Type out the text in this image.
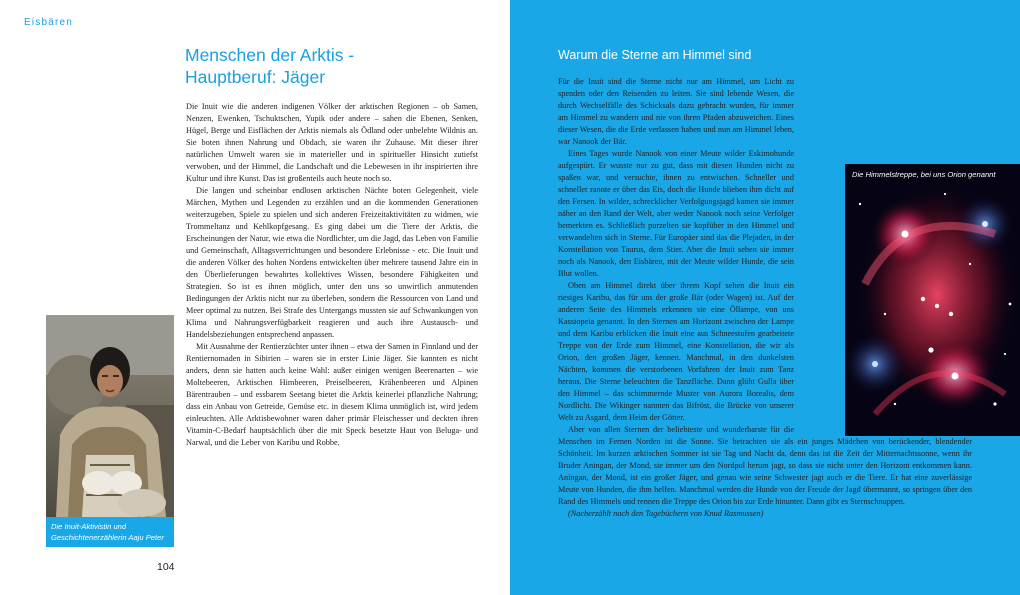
Eisbären
Menschen der Arktis -
Hauptberuf: Jäger

Die Inuit wie die anderen indigenen Völker der arktischen Regionen – ob Samen, Nenzen, Ewenken, Tschuktschen, Yupik oder andere – sahen die Ebenen, Senken, Hügel, Berge und Eisflächen der Arktis niemals als Ödland oder unbelebte Wildnis an. Sie boten ihnen Nahrung und Obdach, sie waren ihr Zuhause. Mit dieser ihrer natürlichen Umwelt waren sie in materieller und in spiritueller Hinsicht zutiefst verwoben, und der Himmel, die Landschaft und die Lebewesen in ihr inspirierten ihre Kultur und ihre Kunst. Das ist großenteils auch heute noch so.

Die langen und scheinbar endlosen arktischen Nächte boten Gelegenheit, viele Märchen, Mythen und Legenden zu erzählen und an die kommenden Generationen weiterzugeben, Spiele zu spielen und sich anderen Freizeitaktivitäten zu widmen, wie Trommeltanz und Kehlkopfgesang. Es ging dabei um die Tiere der Arktis, die Erscheinungen der Natur, wie etwa die Nordlichter, um die Jagd, das Leben von Familie und Gemeinschaft, Alltagsverrichtungen und besondere Erlebnisse - etc. Die Inuit und die anderen Völker des hohen Nordens entwickelten über mehrere tausend Jahre ein in den Überlieferungen bewahrtes kollektives Wissen, besondere Fähigkeiten und Strategien. So ist es ihnen möglich, unter den uns so unwirtlich anmutenden Bedingungen der Arktis nicht nur zu überleben, sondern die Ressourcen von Land und Meer optimal zu nutzen. Bei Strafe des Untergangs mussten sie auf Schwankungen von Klima und Nahrungsverfügbarkeit reagieren und auch ihre Austausch- und Handelsbeziehungen entsprechend anpassen.

Mit Ausnahme der Rentierzüchter unter ihnen – etwa der Samen in Finnland und der Rentiernomaden in Sibirien – waren sie in erster Linie Jäger. Sie kannten es nicht anders, denn sie hatten auch keine Wahl: außer einigen wenigen Beerenarten – wie Moltebeeren, Arktischen Himbeeren, Preiselbeeren, Krähenbeeren und Alpinen Bärentrauben – und essbarem Seetang bietet die Arktis keinerlei pflanzliche Nahrung; dass ein Anbau von Getreide, Gemüse etc. in diesem Klima unmöglich ist, wird jedem einleuchten. Alle Arktisbewohner waren daher primär Fleischesser und deckten ihren Vitamin-C-Bedarf hauptsächlich über die mit Speck besetzte Haut von Beluga- und Narwal, und die Leber von Karibu und Robbe.

Die Inuit-Aktivistin und Geschichtenerzählerin Aaju Peter
104
Warum die Sterne am Himmel sind

Für die Inuit sind die Sterne nicht nur am Himmel, um Licht zu spenden oder den Reisenden zu leiten. Sie sind lebende Wesen, die durch Wechselfälle des Schicksals dazu gebracht wurden, für immer am Himmel zu wandern und nie von ihren Pfaden abzuweichen. Eines dieser Wesen, die die Erde verlassen haben und nun am Himmel leben, war Nanook der Bär.

Eines Tages wurde Nanook von einer Meute wilder Eskimohunde aufgespürt. Er wusste nur zu gut, dass mit diesen Hunden nicht zu spaßen war, und versuchte, ihnen zu entwischen. Schneller und schneller rannte er über das Eis, doch die Hunde blieben ihm dicht auf den Fersen. In wilder, schrecklicher Verfolgungsjagd kamen sie immer näher an den Rand der Welt, aber weder Nanook noch seine Verfolger bemerkten es. Schließlich purzelten sie kopfüber in den Himmel und verwandelten sich in Sterne. Für Europäer sind das die Plejaden, in der Konstellation von Taurus, dem Stier. Aber die Inuit sehen sie immer noch als Nanook, den Eisbären, mit der Meute wilder Hunde, die sein Blut wollen.

Oben am Himmel direkt über ihrem Kopf sehen die Inuit ein riesiges Karibu, das für uns der große Bär (oder Wagen) ist. Auf der anderen Seite des Himmels erkennen sie eine Öllampe, von uns Kassiopeia genannt. In den Sternen am Horizont zwischen der Lampe und dem Karibu erblicken die Inuit eine aus Schneestufen gearbeitete Treppe von der Erde zum Himmel, eine Konstellation, die wir als Orion, den großen Jäger, kennen. Manchmal, in den dunkelsten Nächten, kommen die verstorbenen Vorfahren der Inuit zum Tanz heraus. Die Sterne beleuchten die Tanzfläche. Dann glüht Gulla über den Himmel – das schimmernde Muster von Aurora Borealis, dem Nordlicht. Die Wikinger nannten das Bifröst, die Brücke von unserer Welt zu Asgard, dem Heim der Götter.

Aber von allen Sternen der beliebteste und wunderbarste für die Menschen im Fernen Norden ist die Sonne. Sie betrachten sie als ein junges Mädchen von berückender, blendender Schönheit. Im kurzen arktischen Sommer ist sie Tag und Nacht da, denn das ist die Zeit der Mitternachtssonne, wenn ihr Bruder Aningan, der Mond, sie immer um den Nordpol herum jagt, so dass sie nicht unter den Horizont entkommen kann. Aningan, der Mond, ist ein großer Jäger, und genau wie seine Schwester jagt auch er die Tiere. Er hat eine zuverlässige Meute von Hunden, die ihm helfen. Manchmal werden die Hunde von der Freude der Jagd übermannt, so springen über den Rand des Himmels und rennen die Treppe des Orion bis zur Erde hinunter. Dann gibt es Sternschnuppen.

(Nacherzählt nach den Tagebüchern von Knud Rasmussen)

Die Himmelstreppe, bei uns Orion genannt
